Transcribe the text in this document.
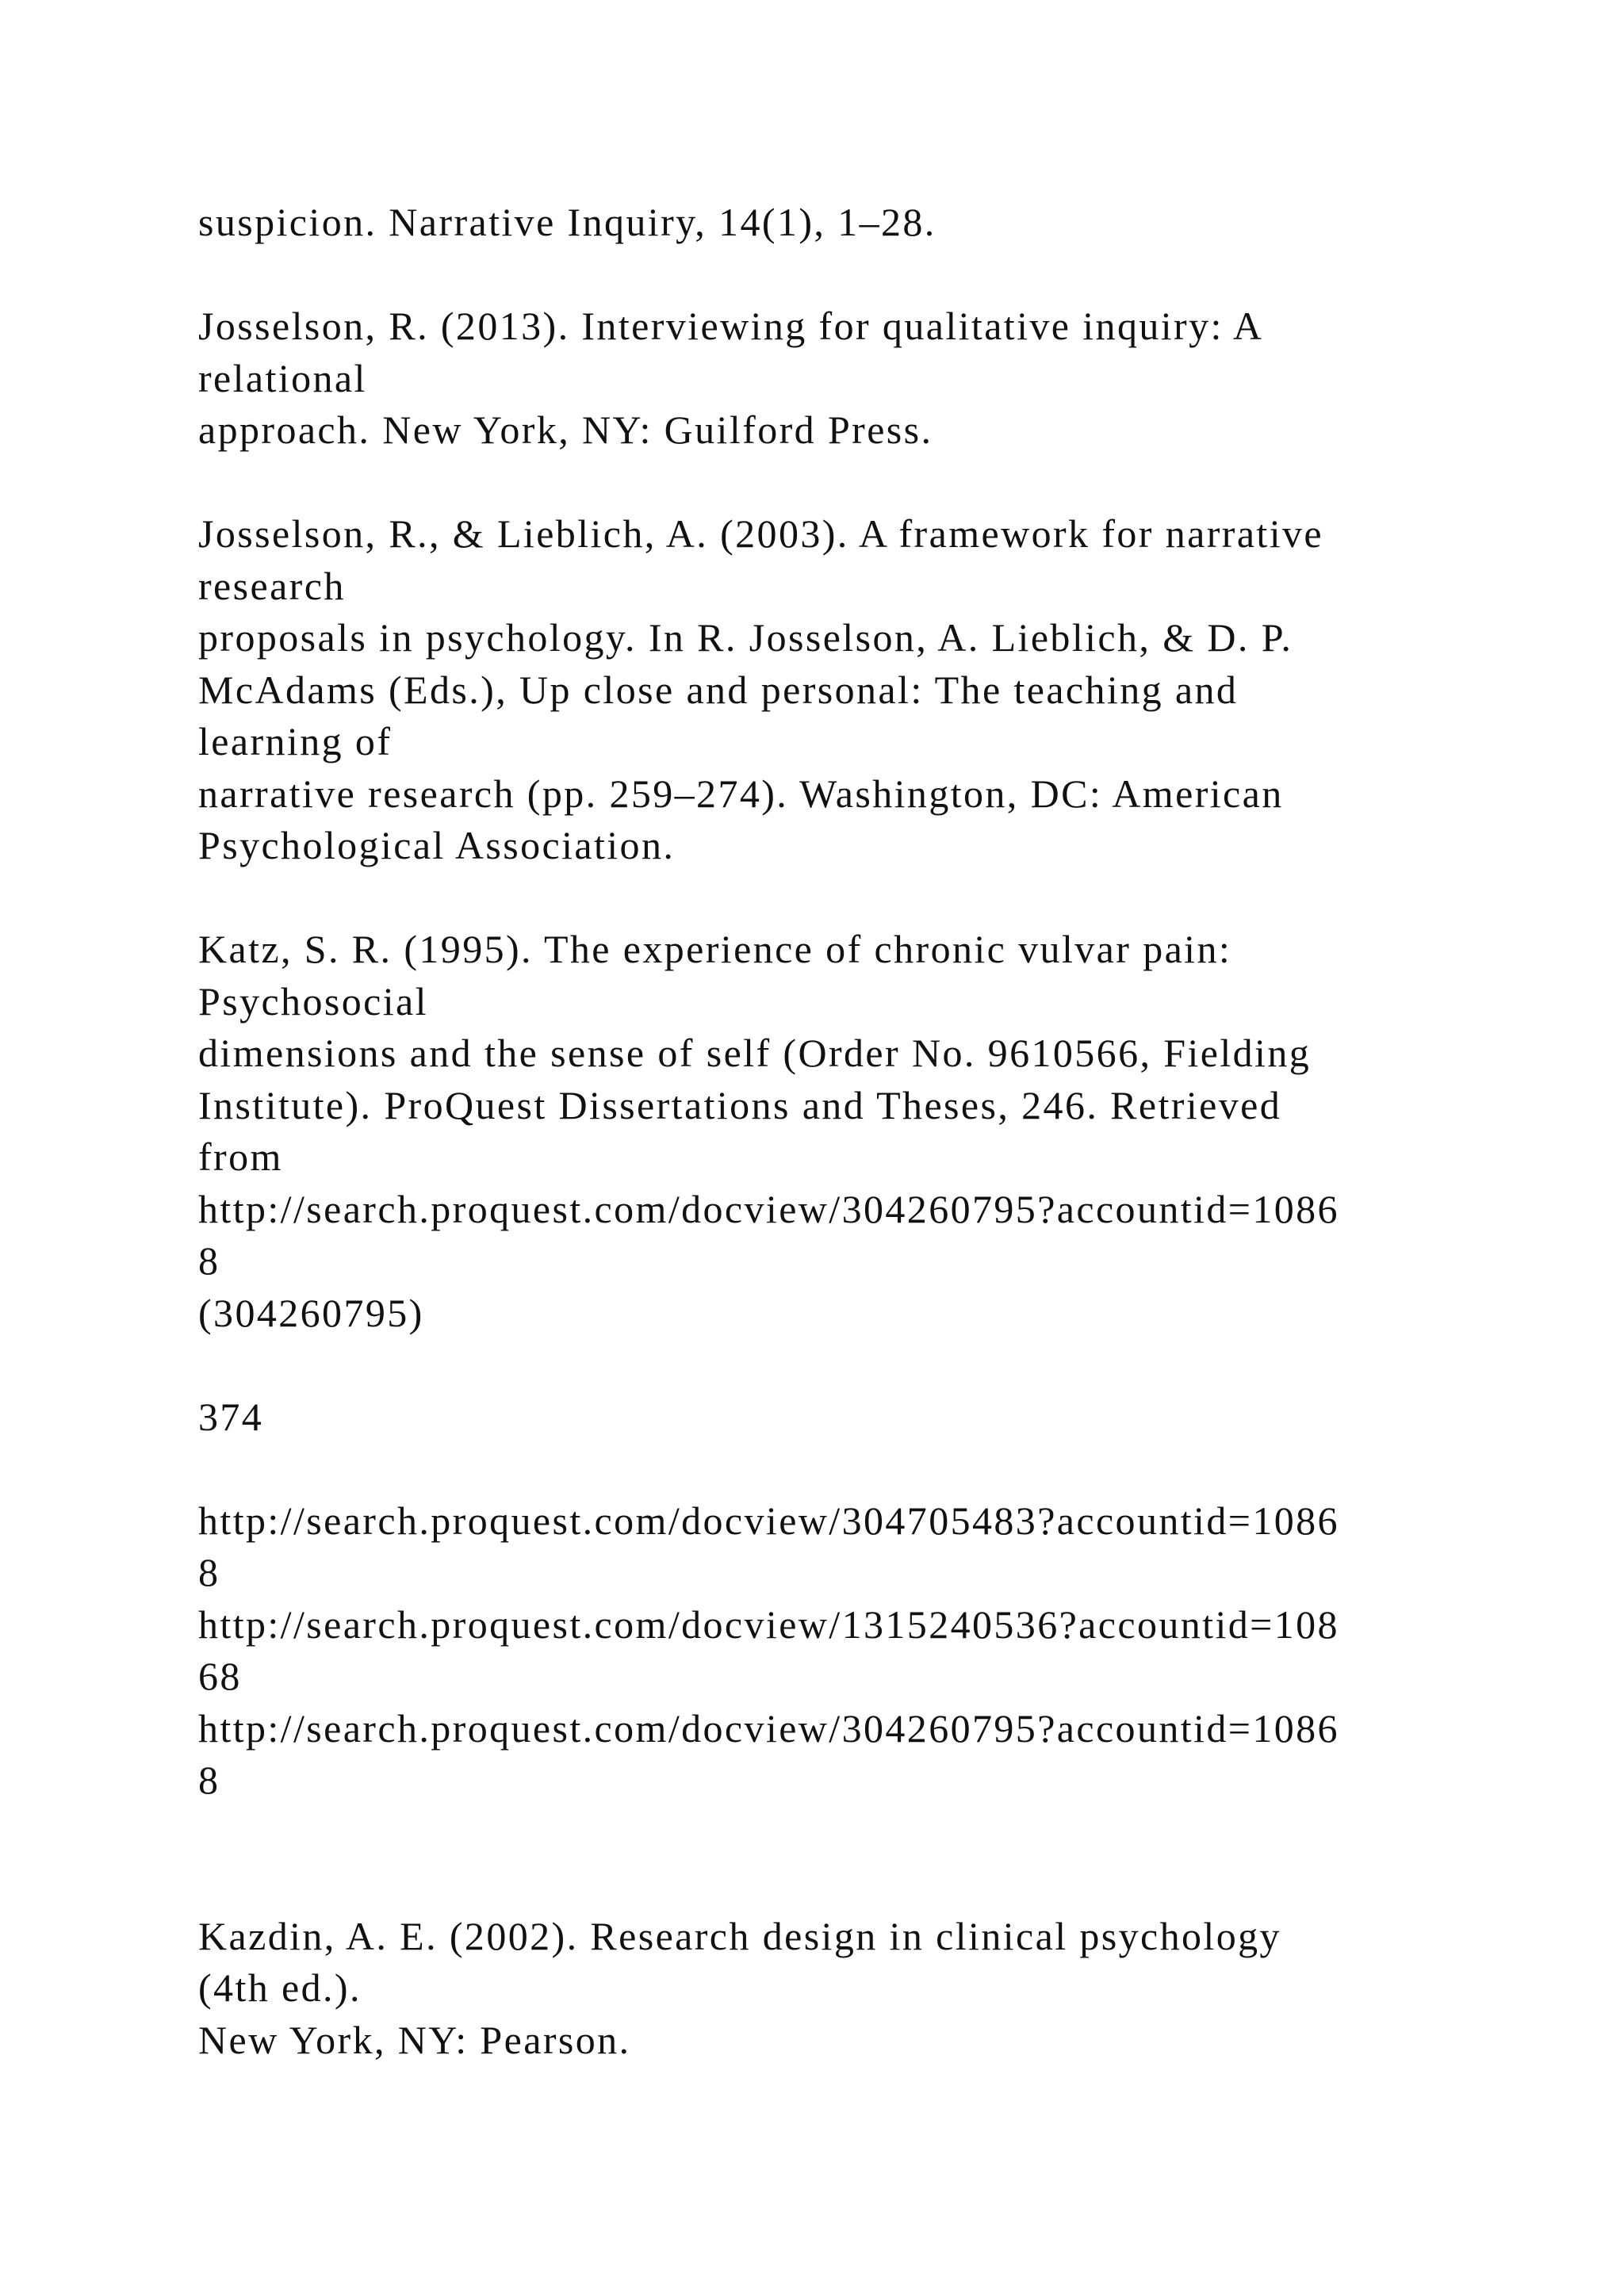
suspicion. Narrative Inquiry, 14(1), 1–28.
Josselson, R. (2013). Interviewing for qualitative inquiry: A
relational
approach. New York, NY: Guilford Press.
Josselson, R., & Lieblich, A. (2003). A framework for narrative
research
proposals in psychology. In R. Josselson, A. Lieblich, & D. P.
McAdams (Eds.), Up close and personal: The teaching and
learning of
narrative research (pp. 259–274). Washington, DC: American
Psychological Association.
Katz, S. R. (1995). The experience of chronic vulvar pain:
Psychosocial
dimensions and the sense of self (Order No. 9610566, Fielding
Institute). ProQuest Dissertations and Theses, 246. Retrieved
from
http://search.proquest.com/docview/304260795?accountid=1086
8
(304260795)
374
http://search.proquest.com/docview/304705483?accountid=1086
8
http://search.proquest.com/docview/1315240536?accountid=108
68
http://search.proquest.com/docview/304260795?accountid=1086
8
Kazdin, A. E. (2002). Research design in clinical psychology
(4th ed.).
New York, NY: Pearson.
